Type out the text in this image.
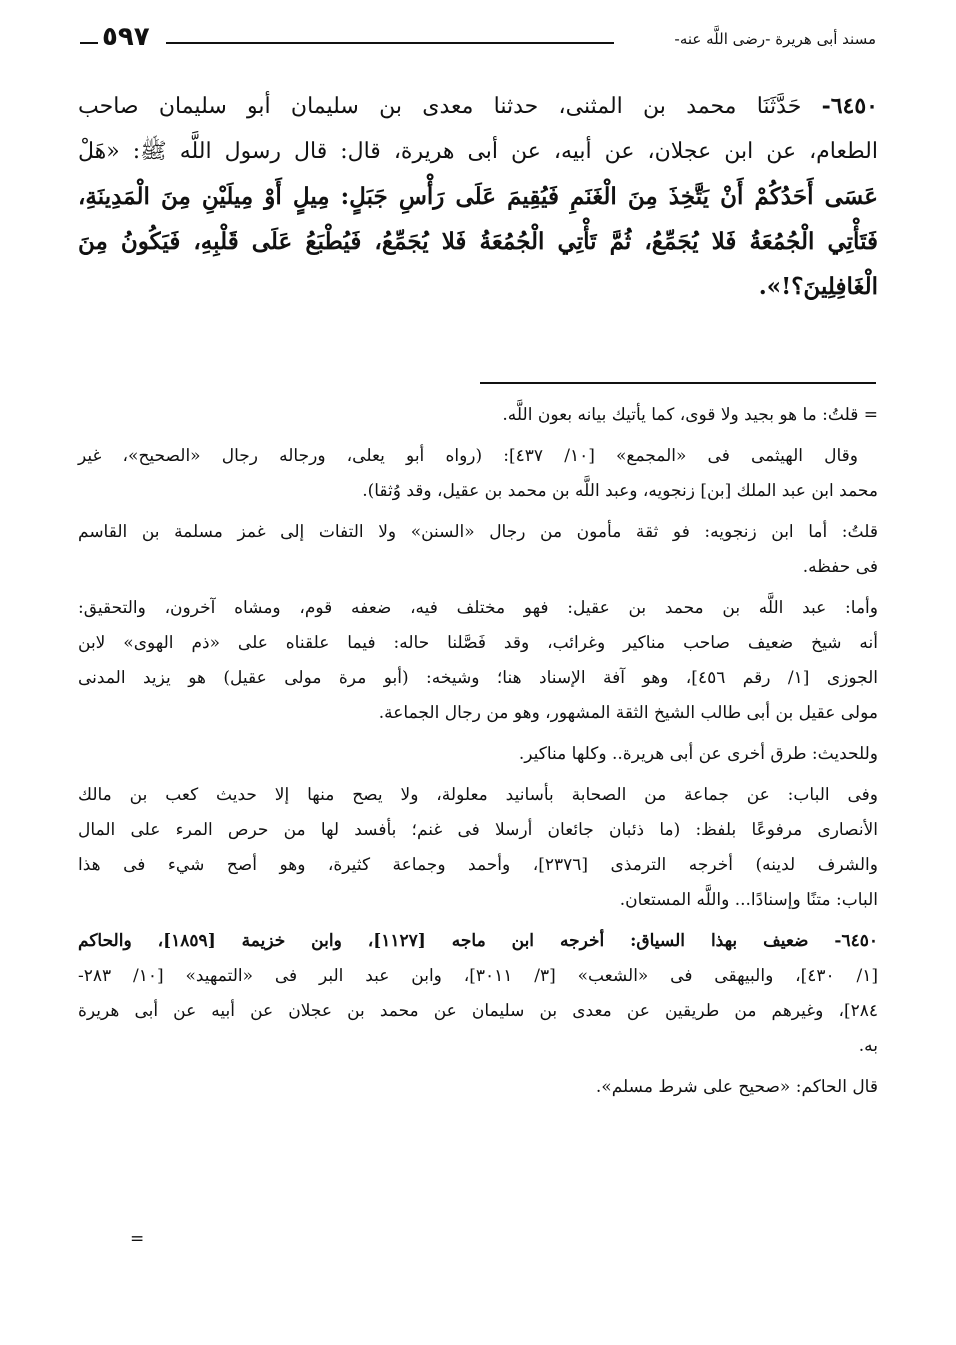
مسند أبى هريرة -رضى اللَّه عنه-
٥٩٧
٦٤٥٠- حَدَّثَنَا محمد بن المثنى، حدثنا معدى بن سليمان أبو سليمان صاحب
الطعام، عن ابن عجلان، عن أبيه، عن أبى هريرة، قال: قال رسول اللَّه ﷺ: «هَلْ
عَسَى أَحَدُكُمْ أَنْ يَتَّخِذَ مِنَ الْغَنَمِ فَيُقِيمَ عَلَى رَأْسِ جَبَلٍ: مِيلٍ أَوْ مِيلَيْنِ مِنَ الْمَدِينَةِ،
فَتَأْتِي الْجُمُعَةُ فَلا يُجَمِّعُ، ثُمَّ تَأْتِي الْجُمُعَةُ فَلا يُجَمِّعُ، فَيُطْبَعُ عَلَى قَلْبِهِ، فَيَكُونُ مِنَ
الْغَافِلِينَ؟!».
= قلتُ: ما هو بجيد ولا قوى، كما يأتيك بيانه بعون اللَّه.
وقال الهيثمى فى «المجمع» [١٠/ ٤٣٧]: (رواه أبو يعلى، ورجاله رجال «الصحيح»، غير
محمد ابن عبد الملك [بن] زنجويه، وعبد اللَّه بن محمد بن عقيل، وقد وُثقا).
قلتُ: أما ابن زنجويه: فو ثقة مأمون من رجال «السنن» ولا التفات إلى غمز مسلمة بن القاسم
فى حفظه.
وأما: عبد اللَّه بن محمد بن عقيل: فهو مختلف فيه، ضعفه قوم، ومشاه آخرون، والتحقيق:
أنه شيخ ضعيف صاحب مناكير وغرائب، وقد فَصَّلنا حاله: فيما علقناه على «ذم الهوى» لابن
الجوزى [١/ رقم ٤٥٦]، وهو آفة الإسناد هنا؛ وشيخه: (أبو مرة مولى عقيل) هو يزيد المدنى
مولى عقيل بن أبى طالب الشيخ الثقة المشهور، وهو من رجال الجماعة.
وللحديث: طرق أخرى عن أبى هريرة.. وكلها مناكير.
وفى الباب: عن جماعة من الصحابة بأسانيد معلولة، ولا يصح منها إلا حديث كعب بن مالك
الأنصارى مرفوعًا بلفظ: (ما ذئبان جائعان أرسلا فى غنم؛ بأفسد لها من حرص المرء على المال
والشرف لدينه) أخرجه الترمذى [٢٣٧٦]، وأحمد وجماعة كثيرة، وهو أصح شيء فى هذا
الباب: متنًا وإسنادًا... واللَّه المستعان.
٦٤٥٠- ضعيف بهذا السياق: أخرجه ابن ماجه [١١٢٧]، وابن خزيمة [١٨٥٩]، والحاكم
[١/ ٤٣٠]، والبيهقى فى «الشعب» [٣/ ٣٠١١]، وابن عبد البر فى «التمهيد» [١٠/ ٢٨٣-
٢٨٤]، وغيرهم من طريقين عن معدى بن سليمان عن محمد بن عجلان عن أبيه عن أبى هريرة
به.
قال الحاكم: «صحيح على شرط مسلم».
=
